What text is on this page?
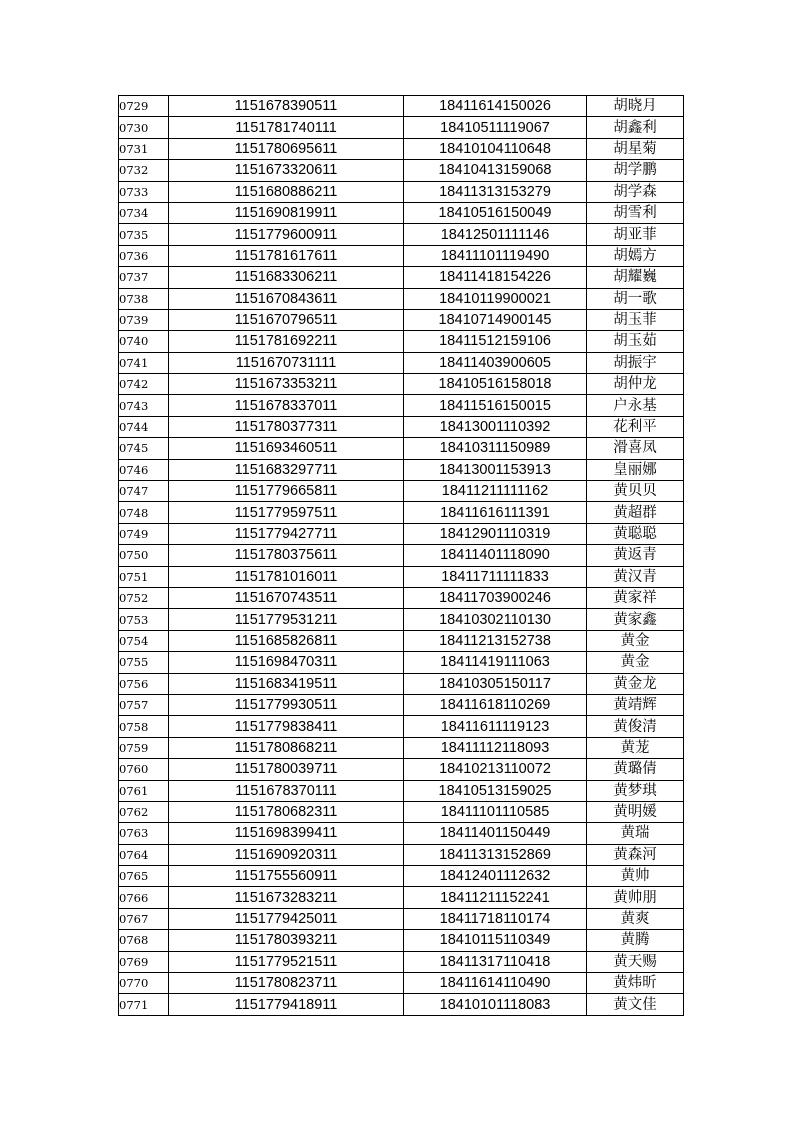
0729	1151678390511	18411614150026	胡晓月
0730	1151781740111	18410511119067	胡鑫利
0731	1151780695611	18410104110648	胡星菊
0732	1151673320611	18410413159068	胡学鹏
0733	1151680886211	18411313153279	胡学森
0734	1151690819911	18410516150049	胡雪利
0735	1151779600911	18412501111146	胡亚菲
0736	1151781617611	18411101119490	胡嫣方
0737	1151683306211	18411418154226	胡耀巍
0738	1151670843611	18410119900021	胡一歌
0739	1151670796511	18410714900145	胡玉菲
0740	1151781692211	18411512159106	胡玉茹
0741	1151670731111	18411403900605	胡振宇
0742	1151673353211	18410516158018	胡仲龙
0743	1151678337011	18411516150015	户永基
0744	1151780377311	18413001110392	花利平
0745	1151693460511	18410311150989	滑喜凤
0746	1151683297711	18413001153913	皇丽娜
0747	1151779665811	18411211111162	黄贝贝
0748	1151779597511	18411616111391	黄超群
0749	1151779427711	18412901110319	黄聪聪
0750	1151780375611	18411401118090	黄返青
0751	1151781016011	18411711111833	黄汉青
0752	1151670743511	18411703900246	黄家祥
0753	1151779531211	18410302110130	黄家鑫
0754	1151685826811	18411213152738	黄金
0755	1151698470311	18411419111063	黄金
0756	1151683419511	18410305150117	黄金龙
0757	1151779930511	18411618110269	黄靖辉
0758	1151779838411	18411611119123	黄俊清
0759	1151780868211	18411112118093	黄茏
0760	1151780039711	18410213110072	黄璐倩
0761	1151678370111	18410513159025	黄梦琪
0762	1151780682311	18411101110585	黄明媛
0763	1151698399411	18411401150449	黄瑞
0764	1151690920311	18411313152869	黄森河
0765	1151755560911	18412401112632	黄帅
0766	1151673283211	18411211152241	黄帅朋
0767	1151779425011	18411718110174	黄爽
0768	1151780393211	18410115110349	黄腾
0769	1151779521511	18411317110418	黄天赐
0770	1151780823711	18411614110490	黄炜昕
0771	1151779418911	18410101118083	黄文佳
